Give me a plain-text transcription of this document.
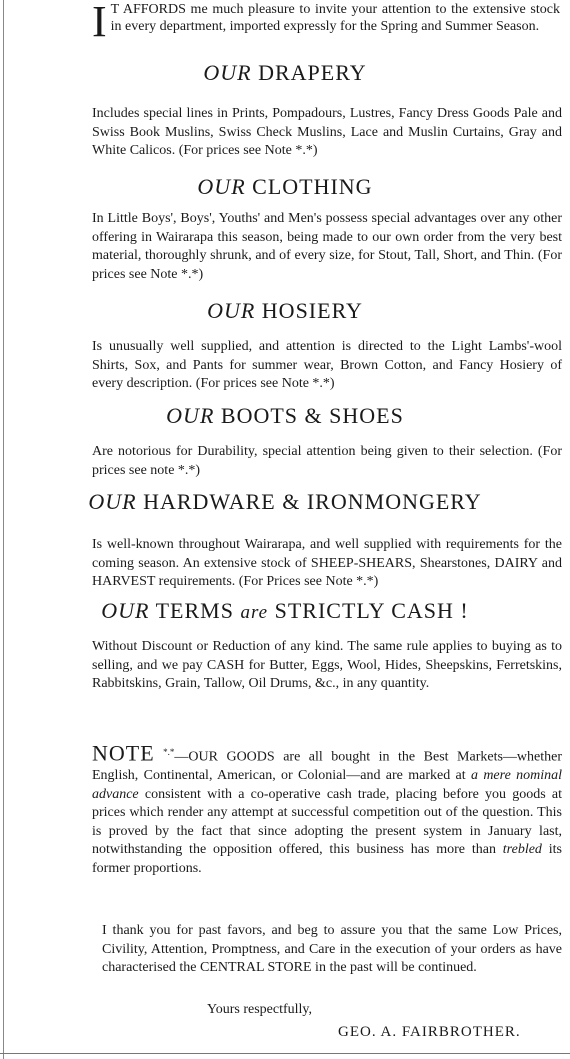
I T AFFORDS me much pleasure to invite your attention to the extensive stock in every department, imported expressly for the Spring and Summer Season.

OUR DRAPERY

Includes special lines in Prints, Pompadours, Lustres, Fancy Dress Goods Pale and Swiss Book Muslins, Swiss Check Muslins, Lace and Muslin Curtains, Gray and White Calicos. (For prices see Note *.*)

OUR CLOTHING

In Little Boys', Boys', Youths' and Men's possess special advantages over any other offering in Wairarapa this season, being made to our own order from the very best material, thoroughly shrunk, and of every size, for Stout, Tall, Short, and Thin. (For prices see Note *.*)

OUR HOSIERY

Is unusually well supplied, and attention is directed to the Light Lambs'-wool Shirts, Sox, and Pants for summer wear, Brown Cotton, and Fancy Hosiery of every description. (For prices see Note *.*)

OUR BOOTS & SHOES

Are notorious for Durability, special attention being given to their selection. (For prices see note *.*)

OUR HARDWARE & IRONMONGERY

Is well-known throughout Wairarapa, and well supplied with requirements for the coming season. An extensive stock of SHEEP-SHEARS, Shearstones, DAIRY and HARVEST requirements. (For Prices see Note *.*)

OUR TERMS are STRICTLY CASH !

Without Discount or Reduction of any kind. The same rule applies to buying as to selling, and we pay CASH for Butter, Eggs, Wool, Hides, Sheepskins, Ferretskins, Rabbitskins, Grain, Tallow, Oil Drums, &c., in any quantity.

NOTE *.*—OUR GOODS are all bought in the Best Markets—whether English, Continental, American, or Colonial—and are marked at a mere nominal advance consistent with a co-operative cash trade, placing before you goods at prices which render any attempt at successful competition out of the question. This is proved by the fact that since adopting the present system in January last, notwithstanding the opposition offered, this business has more than trebled its former proportions.

I thank you for past favors, and beg to assure you that the same Low Prices, Civility, Attention, Promptness, and Care in the execution of your orders as have characterised the CENTRAL STORE in the past will be continued.

Yours respectfully,
GEO. A. FAIRBROTHER.
